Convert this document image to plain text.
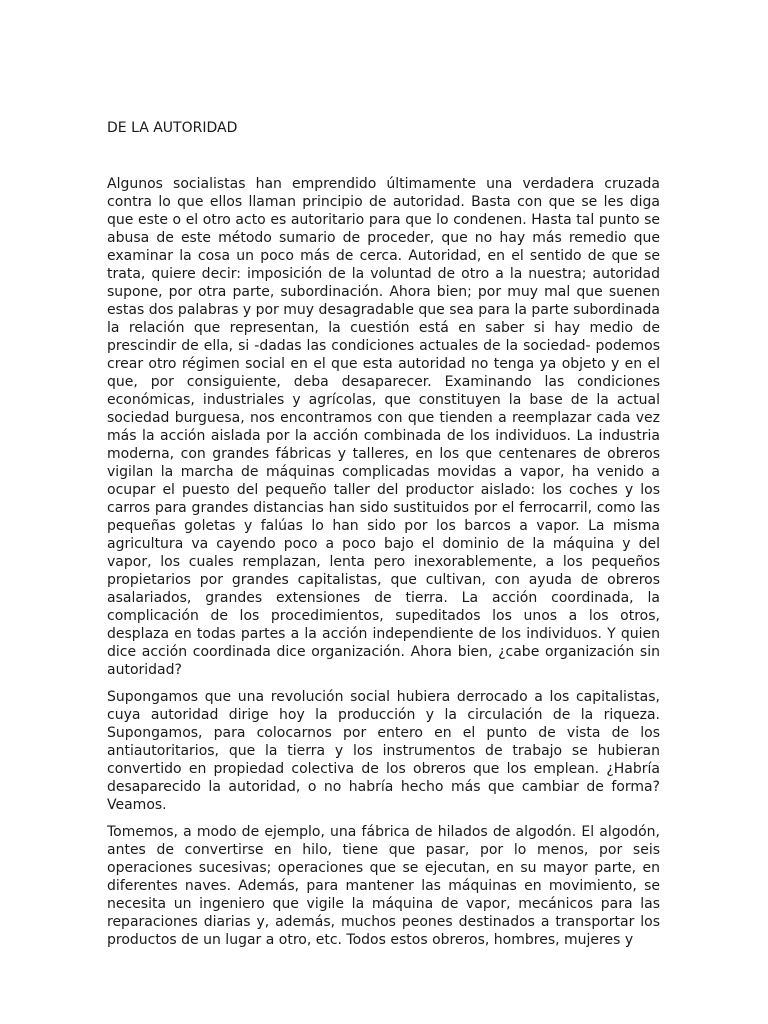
DE LA AUTORIDAD

Algunos socialistas han emprendido últimamente una verdadera cruzada contra lo que ellos llaman principio de autoridad. Basta con que se les diga que este o el otro acto es autoritario para que lo condenen. Hasta tal punto se abusa de este método sumario de proceder, que no hay más remedio que examinar la cosa un poco más de cerca. Autoridad, en el sentido de que se trata, quiere decir: imposición de la voluntad de otro a la nuestra; autoridad supone, por otra parte, subordinación. Ahora bien; por muy mal que suenen estas dos palabras y por muy desagradable que sea para la parte subordinada la relación que representan, la cuestión está en saber si hay medio de prescindir de ella, si -dadas las condiciones actuales de la sociedad- podemos crear otro régimen social en el que esta autoridad no tenga ya objeto y en el que, por consiguiente, deba desaparecer. Examinando las condiciones económicas, industriales y agrícolas, que constituyen la base de la actual sociedad burguesa, nos encontramos con que tienden a reemplazar cada vez más la acción aislada por la acción combinada de los individuos. La industria moderna, con grandes fábricas y talleres, en los que centenares de obreros vigilan la marcha de máquinas complicadas movidas a vapor, ha venido a ocupar el puesto del pequeño taller del productor aislado: los coches y los carros para grandes distancias han sido sustituidos por el ferrocarril, como las pequeñas goletas y falúas lo han sido por los barcos a vapor. La misma agricultura va cayendo poco a poco bajo el dominio de la máquina y del vapor, los cuales remplazan, lenta pero inexorablemente, a los pequeños propietarios por grandes capitalistas, que cultivan, con ayuda de obreros asalariados, grandes extensiones de tierra. La acción coordinada, la complicación de los procedimientos, supeditados los unos a los otros, desplaza en todas partes a la acción independiente de los individuos. Y quien dice acción coordinada dice organización. Ahora bien, ¿cabe organización sin autoridad?

Supongamos que una revolución social hubiera derrocado a los capitalistas, cuya autoridad dirige hoy la producción y la circulación de la riqueza. Supongamos, para colocarnos por entero en el punto de vista de los antiautoritarios, que la tierra y los instrumentos de trabajo se hubieran convertido en propiedad colectiva de los obreros que los emplean. ¿Habría desaparecido la autoridad, o no habría hecho más que cambiar de forma? Veamos.

Tomemos, a modo de ejemplo, una fábrica de hilados de algodón. El algodón, antes de convertirse en hilo, tiene que pasar, por lo menos, por seis operaciones sucesivas; operaciones que se ejecutan, en su mayor parte, en diferentes naves. Además, para mantener las máquinas en movimiento, se necesita un ingeniero que vigile la máquina de vapor, mecánicos para las reparaciones diarias y, además, muchos peones destinados a transportar los productos de un lugar a otro, etc. Todos estos obreros, hombres, mujeres y
